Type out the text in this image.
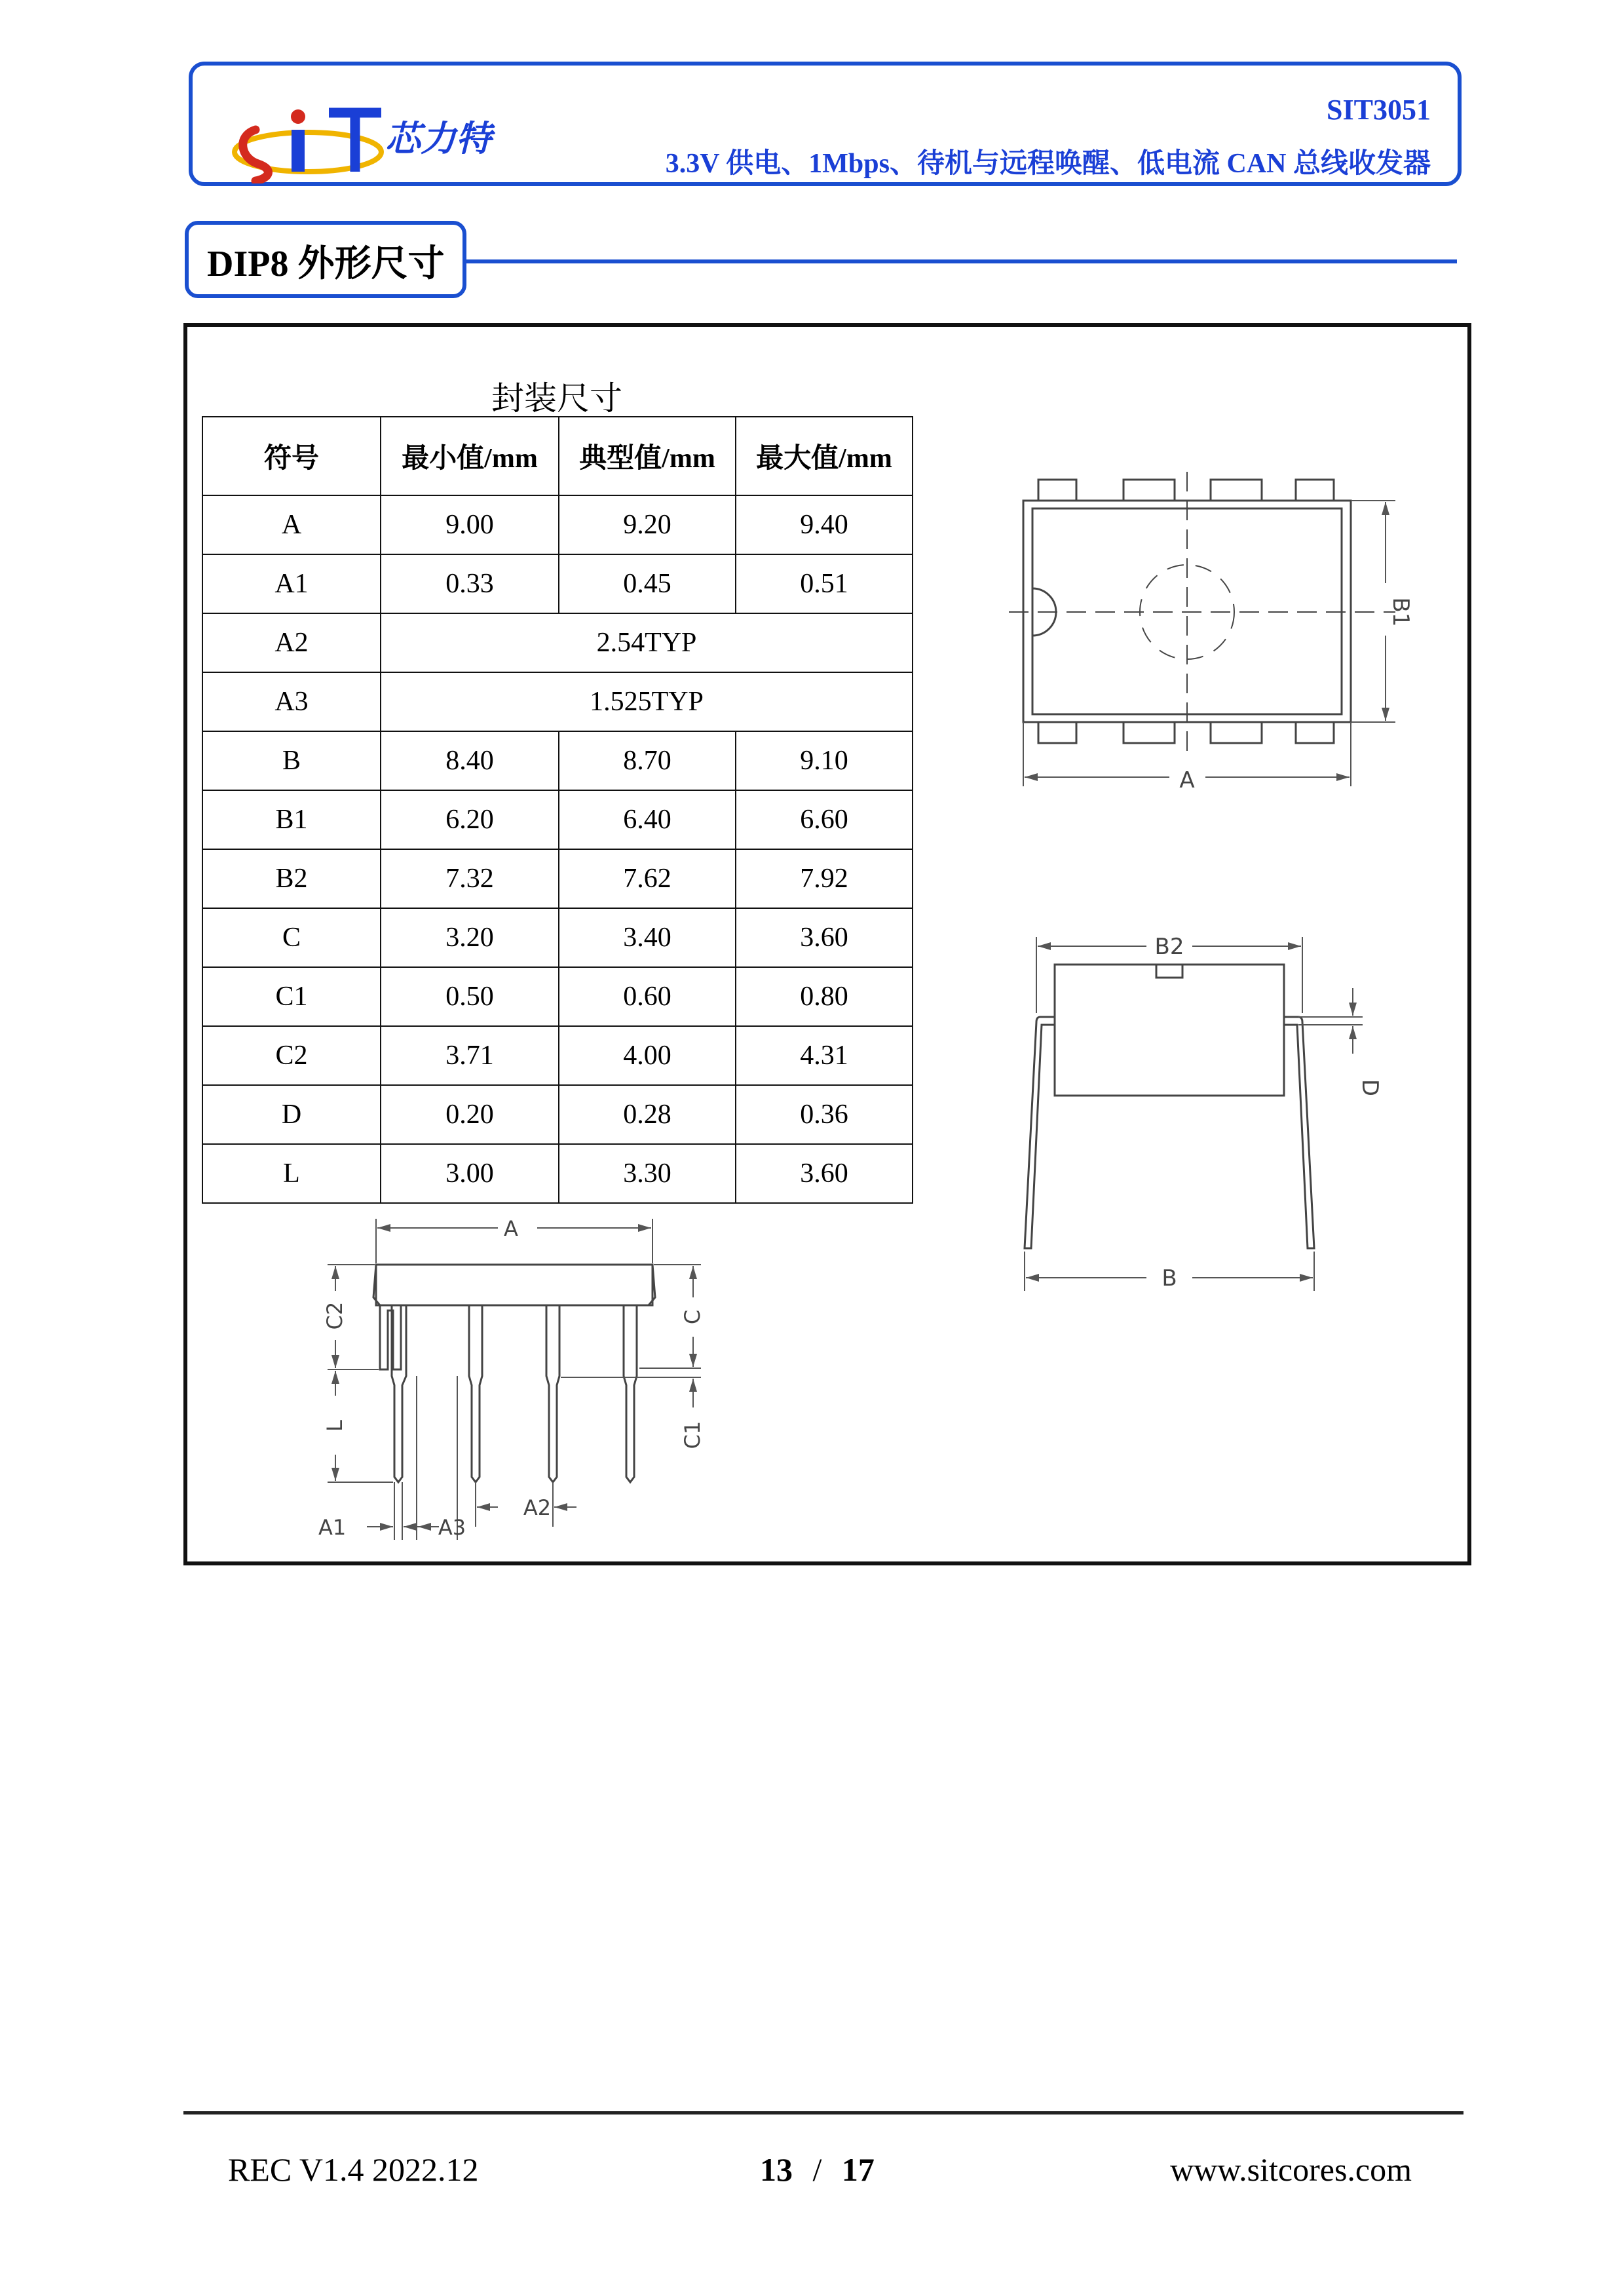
芯力特
SIT3051
3.3V 供电、1Mbps、待机与远程唤醒、低电流 CAN 总线收发器
DIP8 外形尺寸
封装尺寸
符号	最小值/mm	典型值/mm	最大值/mm
A	9.00	9.20	9.40
A1	0.33	0.45	0.51
A2	2.54TYP		
A3	1.525TYP		
B	8.40	8.70	9.10
B1	6.20	6.40	6.60
B2	7.32	7.62	7.92
C	3.20	3.40	3.60
C1	0.50	0.60	0.80
C2	3.71	4.00	4.31
D	0.20	0.28	0.36
L	3.00	3.30	3.60
A
B1
B2
B
D
A
C2
L
C
C1
A1	A3
A2
REC V1.4 2022.12	13 / 17	www.sitcores.com
